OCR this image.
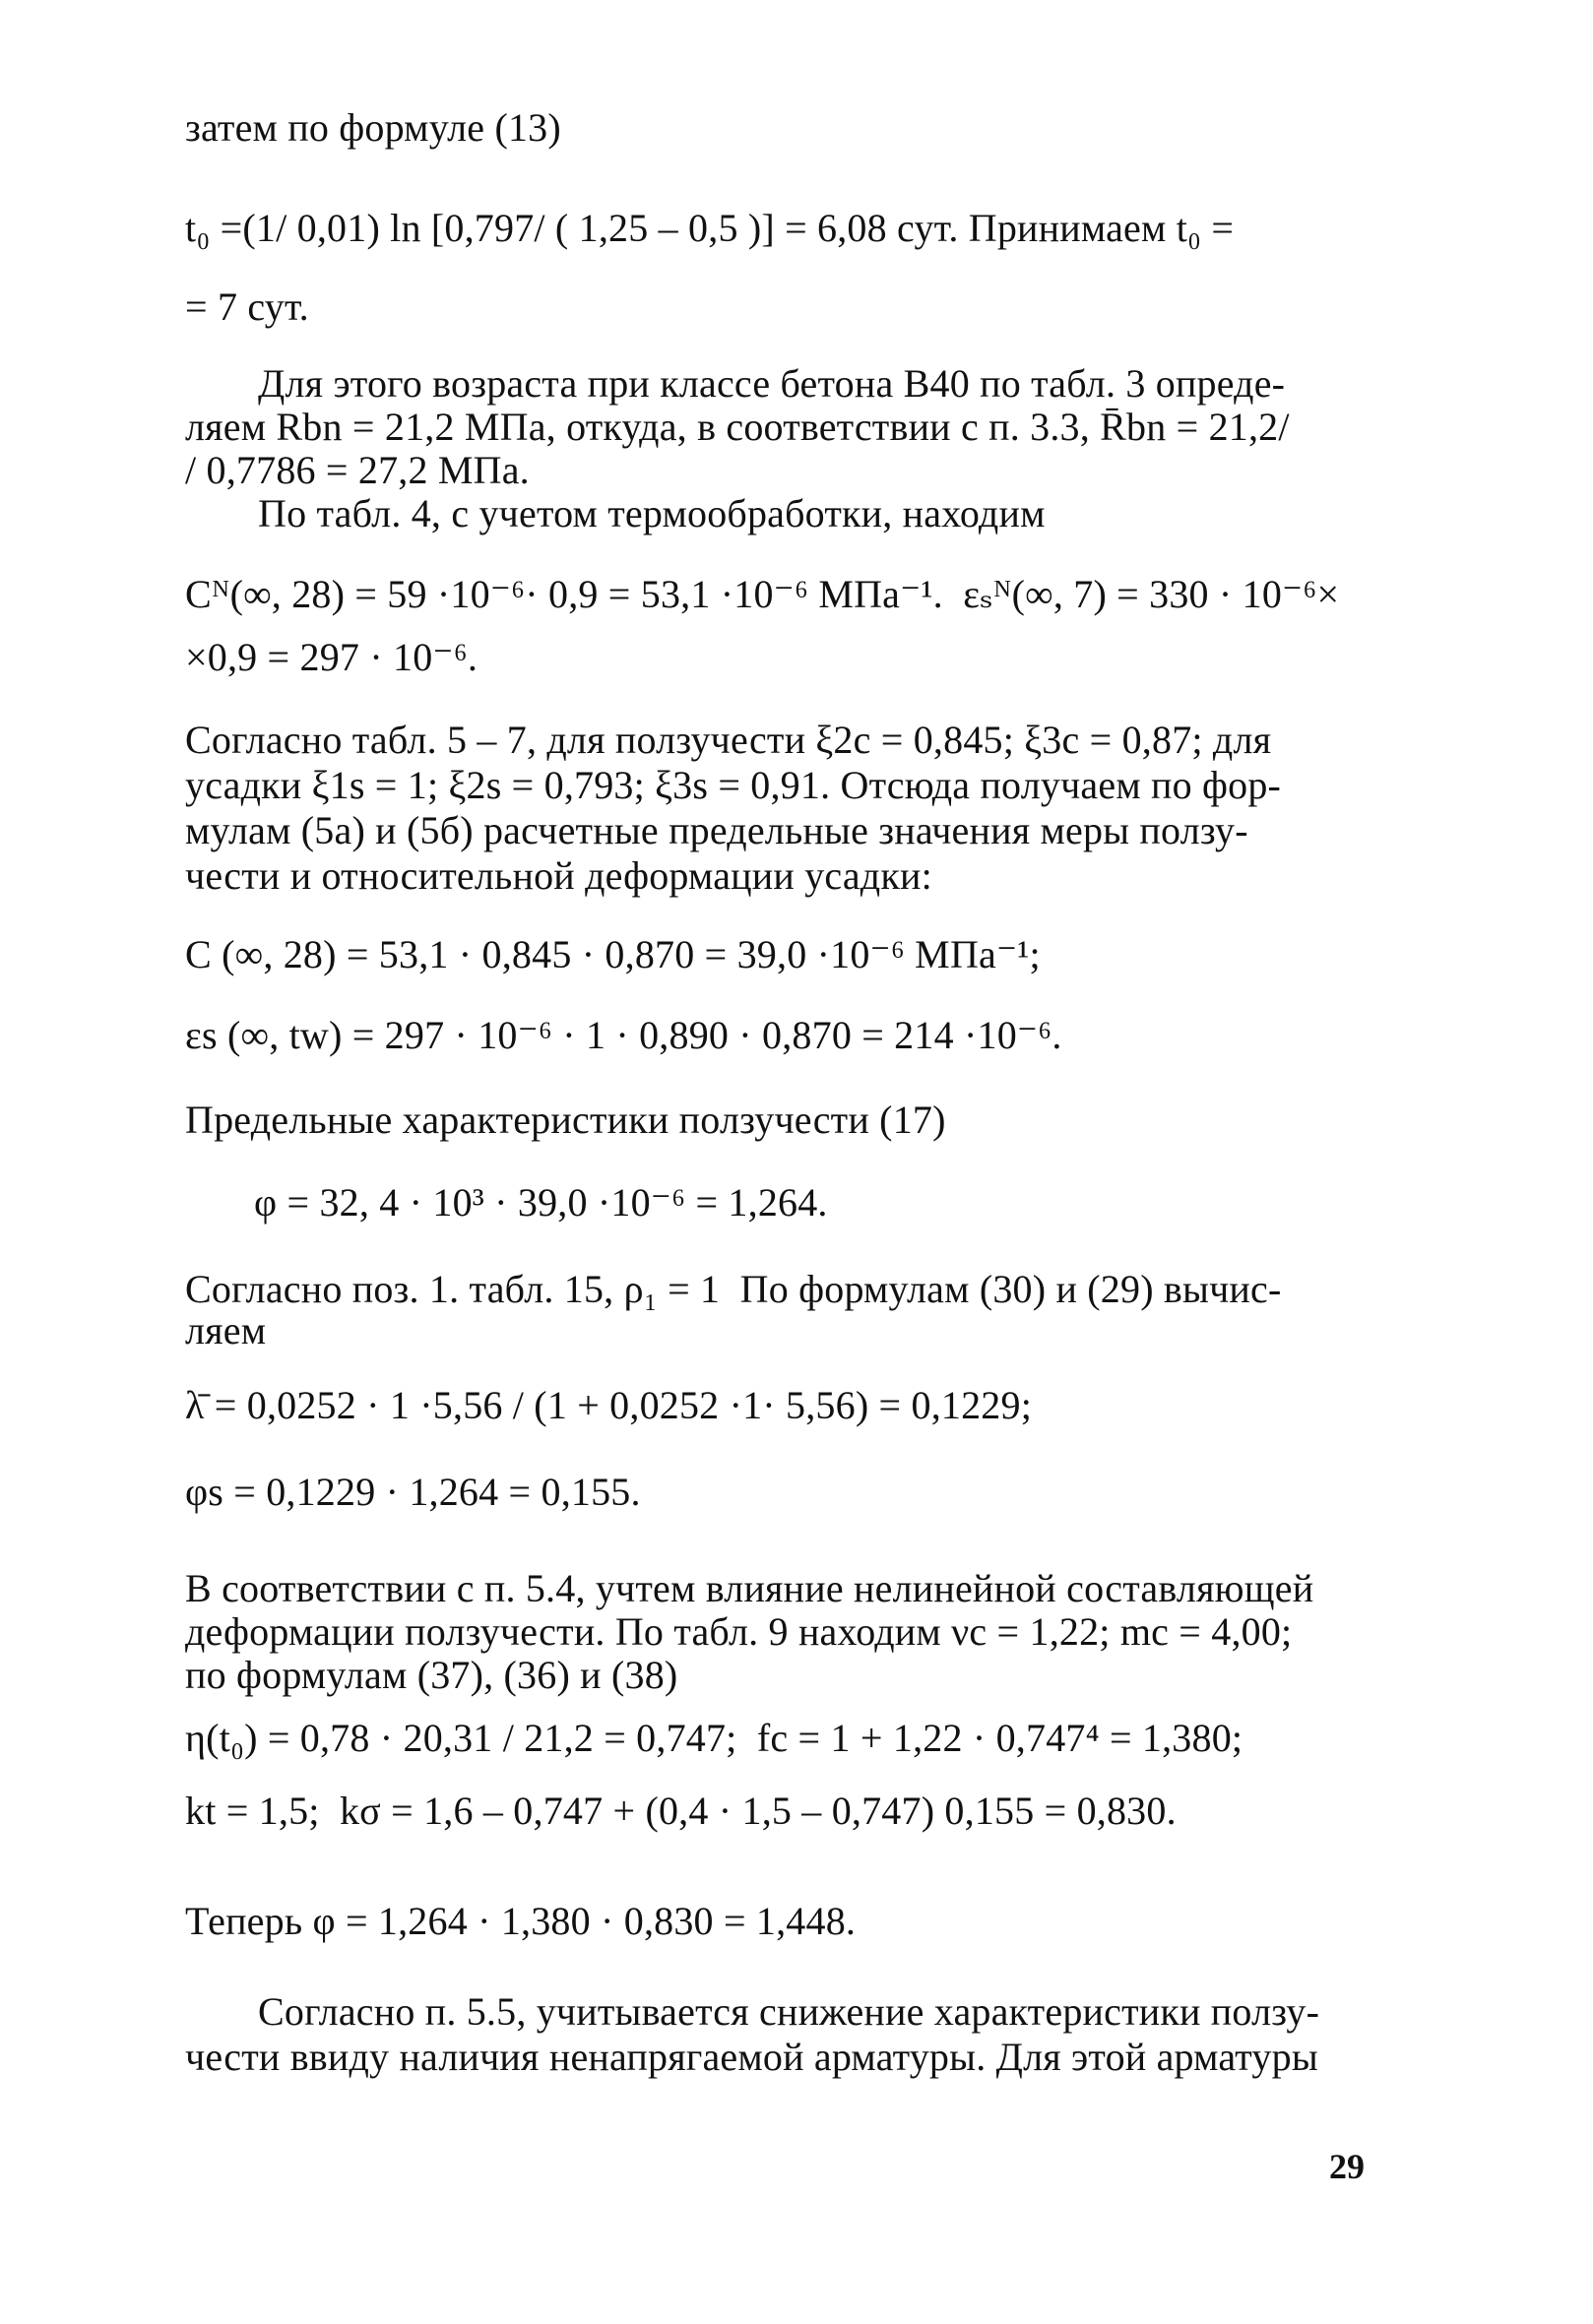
затем по формуле (13)
t₀ =(1/ 0,01) ln [0,797/ ( 1,25 – 0,5 )] = 6,08 сут. Принимаем t₀ =
= 7 сут.
Для этого возраста при классе бетона В40 по табл. 3 опреде-
ляем Rbn = 21,2 МПа, откуда, в соответствии с п. 3.3, R̄bn = 21,2/
/ 0,7786 = 27,2 МПа.
По табл. 4, с учетом термообработки, находим
Cᴺ(∞, 28) = 59 ·10⁻⁶· 0,9 = 53,1 ·10⁻⁶ МПа⁻¹.  εₛᴺ(∞, 7) = 330 · 10⁻⁶×
×0,9 = 297 · 10⁻⁶.
Согласно табл. 5 – 7, для ползучести ξ2c = 0,845; ξ3c = 0,87; для
усадки ξ1s = 1; ξ2s = 0,793; ξ3s = 0,91. Отсюда получаем по фор-
мулам (5а) и (5б) расчетные предельные значения меры ползу-
чести и относительной деформации усадки:
C (∞, 28) = 53,1 · 0,845 · 0,870 = 39,0 ·10⁻⁶ МПа⁻¹;
εs (∞, tw) = 297 · 10⁻⁶ · 1 · 0,890 · 0,870 = 214 ·10⁻⁶.
Предельные характеристики ползучести (17)
φ = 32, 4 · 10³ · 39,0 ·10⁻⁶ = 1,264.
Согласно поз. 1. табл. 15, ρ₁ = 1  По формулам (30) и (29) вычис-
ляем
λ̄ = 0,0252 · 1 ·5,56 / (1 + 0,0252 ·1· 5,56) = 0,1229;
φs = 0,1229 · 1,264 = 0,155.
В соответствии с п. 5.4, учтем влияние нелинейной составляющей
деформации ползучести. По табл. 9 находим νc = 1,22; mc = 4,00;
по формулам (37), (36) и (38)
η(t₀) = 0,78 · 20,31 / 21,2 = 0,747;  fc = 1 + 1,22 · 0,747⁴ = 1,380;
kt = 1,5;  kσ = 1,6 – 0,747 + (0,4 · 1,5 – 0,747) 0,155 = 0,830.
Теперь φ = 1,264 · 1,380 · 0,830 = 1,448.
Согласно п. 5.5, учитывается снижение характеристики ползу-
чести ввиду наличия ненапрягаемой арматуры. Для этой арматуры
29
